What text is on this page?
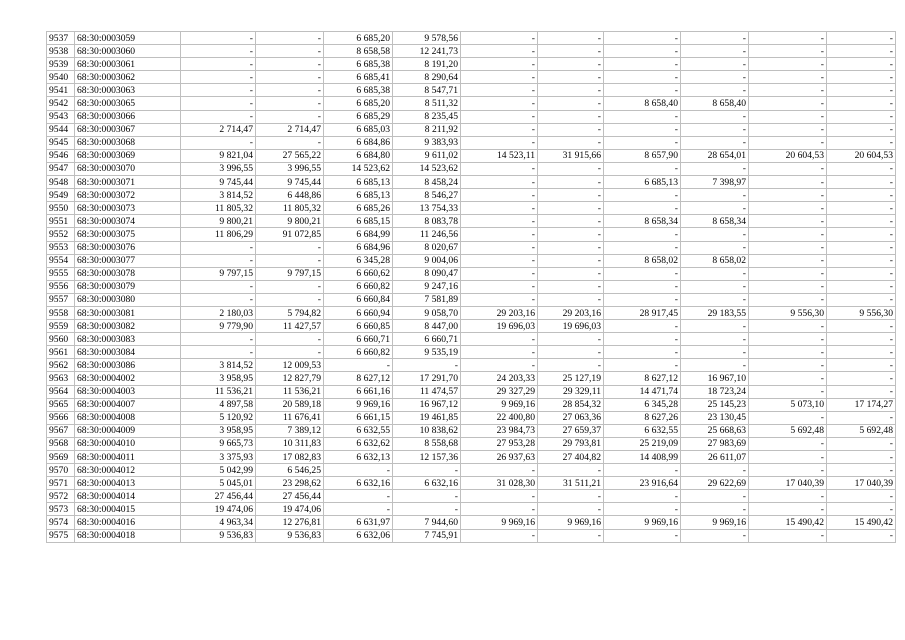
9537	68:30:0003059	-	-	6 685,20	9 578,56	-	-	-	-	-	-
9538	68:30:0003060	-	-	8 658,58	12 241,73	-	-	-	-	-	-
9539	68:30:0003061	-	-	6 685,38	8 191,20	-	-	-	-	-	-
9540	68:30:0003062	-	-	6 685,41	8 290,64	-	-	-	-	-	-
9541	68:30:0003063	-	-	6 685,38	8 547,71	-	-	-	-	-	-
9542	68:30:0003065	-	-	6 685,20	8 511,32	-	-	8 658,40	8 658,40	-	-
9543	68:30:0003066	-	-	6 685,29	8 235,45	-	-	-	-	-	-
9544	68:30:0003067	2 714,47	2 714,47	6 685,03	8 211,92	-	-	-	-	-	-
9545	68:30:0003068	-	-	6 684,86	9 383,93	-	-	-	-	-	-
9546	68:30:0003069	9 821,04	27 565,22	6 684,80	9 611,02	14 523,11	31 915,66	8 657,90	28 654,01	20 604,53	20 604,53
9547	68:30:0003070	3 996,55	3 996,55	14 523,62	14 523,62	-	-	-	-	-	-
9548	68:30:0003071	9 745,44	9 745,44	6 685,13	8 458,24	-	-	6 685,13	7 398,97	-	-
9549	68:30:0003072	3 814,52	6 448,86	6 685,13	8 546,27	-	-	-	-	-	-
9550	68:30:0003073	11 805,32	11 805,32	6 685,26	13 754,33	-	-	-	-	-	-
9551	68:30:0003074	9 800,21	9 800,21	6 685,15	8 083,78	-	-	8 658,34	8 658,34	-	-
9552	68:30:0003075	11 806,29	91 072,85	6 684,99	11 246,56	-	-	-	-	-	-
9553	68:30:0003076	-	-	6 684,96	8 020,67	-	-	-	-	-	-
9554	68:30:0003077	-	-	6 345,28	9 004,06	-	-	8 658,02	8 658,02	-	-
9555	68:30:0003078	9 797,15	9 797,15	6 660,62	8 090,47	-	-	-	-	-	-
9556	68:30:0003079	-	-	6 660,82	9 247,16	-	-	-	-	-	-
9557	68:30:0003080	-	-	6 660,84	7 581,89	-	-	-	-	-	-
9558	68:30:0003081	2 180,03	5 794,82	6 660,94	9 058,70	29 203,16	29 203,16	28 917,45	29 183,55	9 556,30	9 556,30
9559	68:30:0003082	9 779,90	11 427,57	6 660,85	8 447,00	19 696,03	19 696,03	-	-	-	-
9560	68:30:0003083	-	-	6 660,71	6 660,71	-	-	-	-	-	-
9561	68:30:0003084	-	-	6 660,82	9 535,19	-	-	-	-	-	-
9562	68:30:0003086	3 814,52	12 009,53	-	-	-	-	-	-	-	-
9563	68:30:0004002	3 958,95	12 827,79	8 627,12	17 291,70	24 203,33	25 127,19	8 627,12	16 967,10	-	-
9564	68:30:0004003	11 536,21	11 536,21	6 661,16	11 474,57	29 327,29	29 329,11	14 471,74	18 723,24	-	-
9565	68:30:0004007	4 897,58	20 589,18	9 969,16	16 967,12	9 969,16	28 854,32	6 345,28	25 145,23	5 073,10	17 174,27
9566	68:30:0004008	5 120,92	11 676,41	6 661,15	19 461,85	22 400,80	27 063,36	8 627,26	23 130,45	-	-
9567	68:30:0004009	3 958,95	7 389,12	6 632,55	10 838,62	23 984,73	27 659,37	6 632,55	25 668,63	5 692,48	5 692,48
9568	68:30:0004010	9 665,73	10 311,83	6 632,62	8 558,68	27 953,28	29 793,81	25 219,09	27 983,69	-	-
9569	68:30:0004011	3 375,93	17 082,83	6 632,13	12 157,36	26 937,63	27 404,82	14 408,99	26 611,07	-	-
9570	68:30:0004012	5 042,99	6 546,25	-	-	-	-	-	-	-	-
9571	68:30:0004013	5 045,01	23 298,62	6 632,16	6 632,16	31 028,30	31 511,21	23 916,64	29 622,69	17 040,39	17 040,39
9572	68:30:0004014	27 456,44	27 456,44	-	-	-	-	-	-	-	-
9573	68:30:0004015	19 474,06	19 474,06	-	-	-	-	-	-	-	-
9574	68:30:0004016	4 963,34	12 276,81	6 631,97	7 944,60	9 969,16	9 969,16	9 969,16	9 969,16	15 490,42	15 490,42
9575	68:30:0004018	9 536,83	9 536,83	6 632,06	7 745,91	-	-	-	-	-	-
